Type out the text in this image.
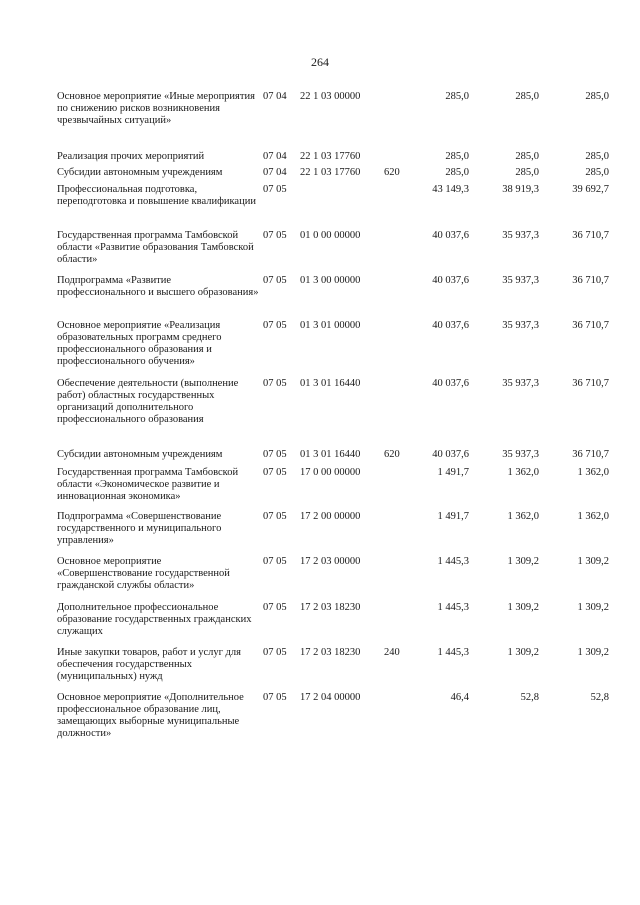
264
Основное мероприятие «Иные мероприятия по снижению рисков возникновения чрезвычайных ситуаций»
07 04 22 1 03 00000	285,0	285,0	285,0
Реализация прочих мероприятий	07 04 22 1 03 17760	285,0	285,0	285,0
Субсидии автономным учреждениям	07 04 22 1 03 17760 620	285,0	285,0	285,0
Профессиональная подготовка, переподготовка и повышение квалификации
07 05	43 149,3	38 919,3	39 692,7
Государственная программа Тамбовской области «Развитие образования Тамбовской области»
07 05 01 0 00 00000	40 037,6	35 937,3	36 710,7
Подпрограмма «Развитие профессионального и высшего образования»
07 05 01 3 00 00000	40 037,6	35 937,3	36 710,7
Основное мероприятие «Реализация образовательных программ среднего профессионального образования и профессионального обучения»
07 05 01 3 01 00000	40 037,6	35 937,3	36 710,7
Обеспечение деятельности (выполнение работ) областных государственных организаций дополнительного профессионального образования
07 05 01 3 01 16440	40 037,6	35 937,3	36 710,7
Субсидии автономным учреждениям	07 05 01 3 01 16440 620	40 037,6	35 937,3	36 710,7
Государственная программа Тамбовской области «Экономическое развитие и инновационная экономика»
07 05 17 0 00 00000	1 491,7	1 362,0	1 362,0
Подпрограмма «Совершенствование государственного и муниципального управления»
07 05 17 2 00 00000	1 491,7	1 362,0	1 362,0
Основное мероприятие «Совершенствование государственной гражданской службы области»
07 05 17 2 03 00000	1 445,3	1 309,2	1 309,2
Дополнительное профессиональное образование государственных гражданских служащих
07 05 17 2 03 18230	1 445,3	1 309,2	1 309,2
Иные закупки товаров, работ и услуг для обеспечения государственных (муниципальных) нужд
07 05 17 2 03 18230 240	1 445,3	1 309,2	1 309,2
Основное мероприятие «Дополнительное профессиональное образование лиц, замещающих выборные муниципальные должности»
07 05 17 2 04 00000	46,4	52,8	52,8
